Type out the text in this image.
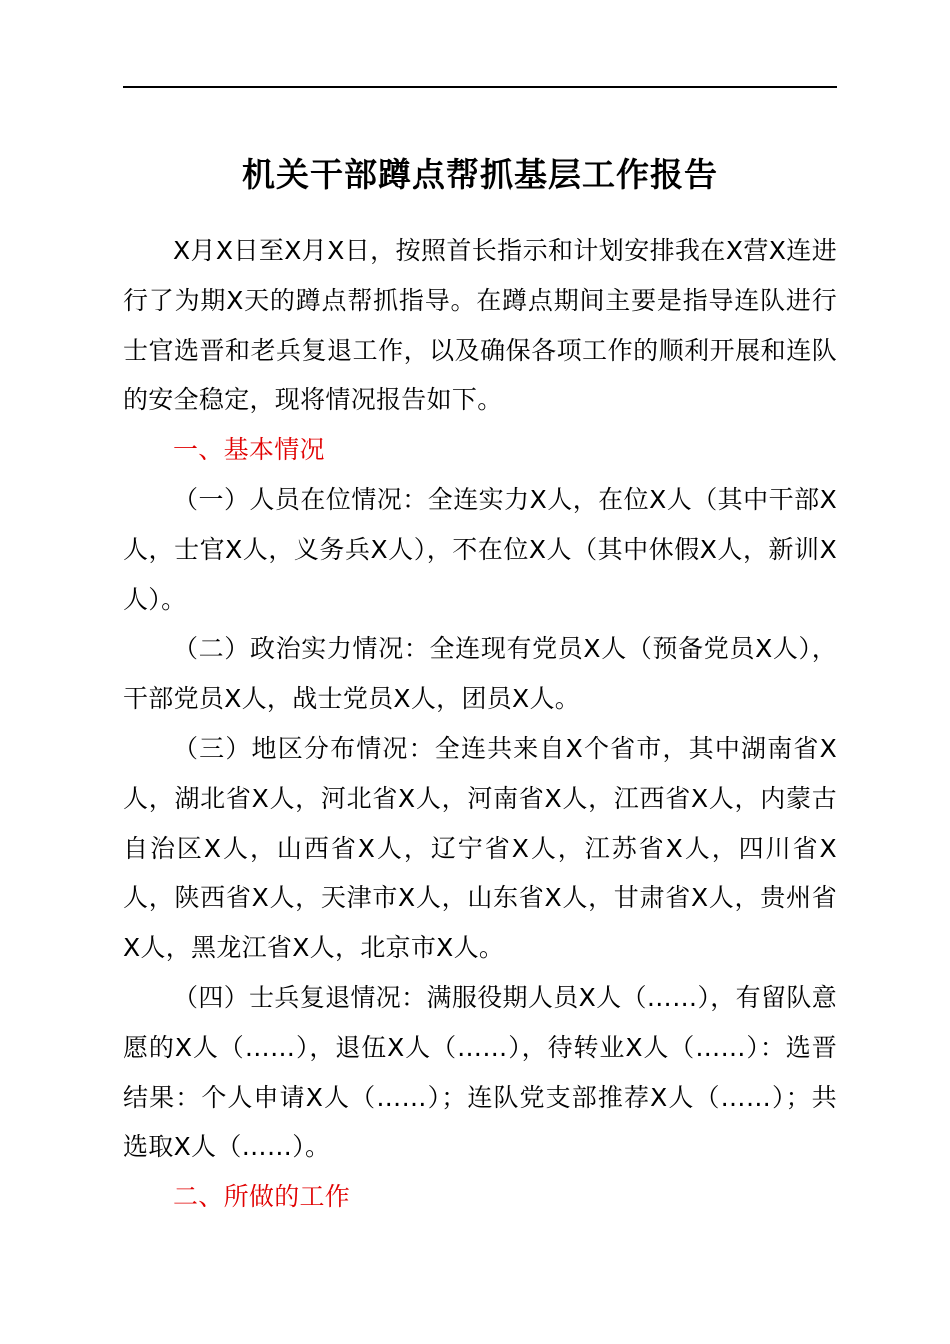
机关干部蹲点帮抓基层工作报告

X月X日至X月X日，按照首长指示和计划安排我在X营X连进行了为期X天的蹲点帮抓指导。在蹲点期间主要是指导连队进行士官选晋和老兵复退工作，以及确保各项工作的顺利开展和连队的安全稳定，现将情况报告如下。

一、基本情况

（一）人员在位情况：全连实力X人，在位X人（其中干部X人，士官X人，义务兵X人），不在位X人（其中休假X人，新训X人）。

（二）政治实力情况：全连现有党员X人（预备党员X人），干部党员X人，战士党员X人，团员X人。

（三）地区分布情况：全连共来自X个省市，其中湖南省X人，湖北省X人，河北省X人，河南省X人，江西省X人，内蒙古自治区X人，山西省X人，辽宁省X人，江苏省X人，四川省X人，陕西省X人，天津市X人，山东省X人，甘肃省X人，贵州省X人，黑龙江省X人，北京市X人。

（四）士兵复退情况：满服役期人员X人（……），有留队意愿的X人（……），退伍X人（……），待转业X人（……）：选晋结果：个人申请X人（……）；连队党支部推荐X人（……）；共选取X人（……）。

二、所做的工作
